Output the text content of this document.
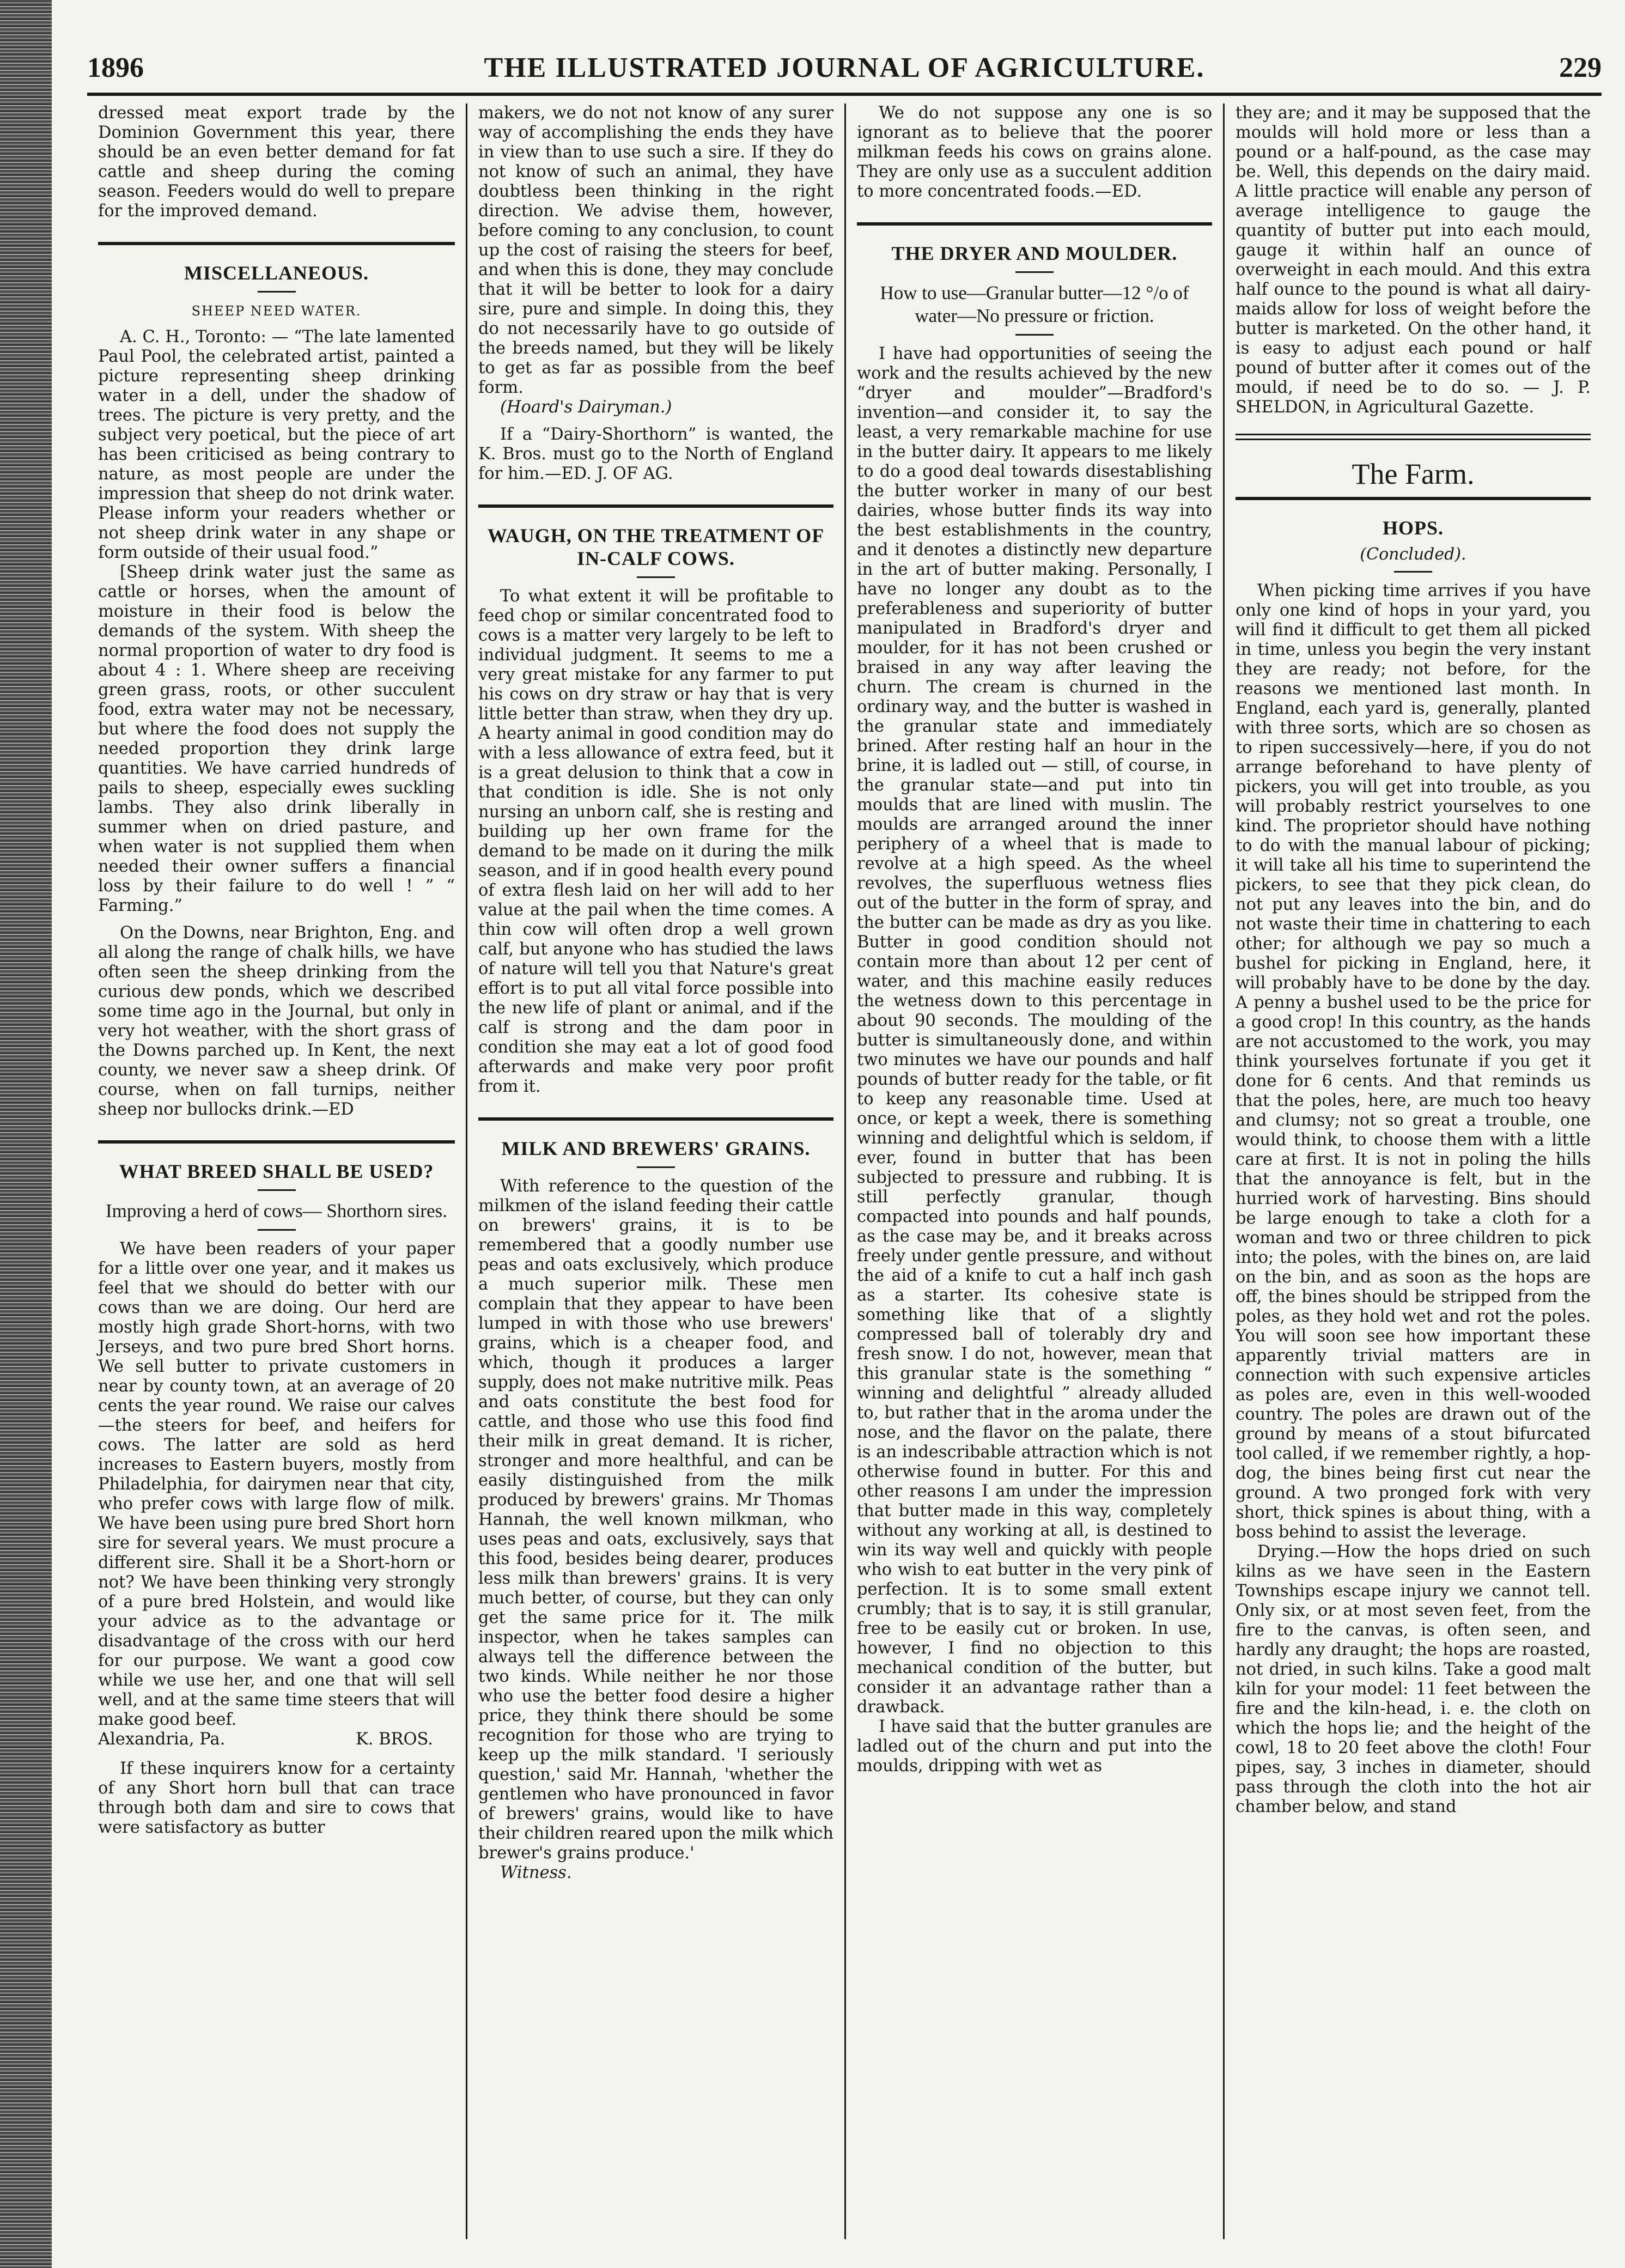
1896	THE ILLUSTRATED JOURNAL OF AGRICULTURE.	229

dressed meat export trade by the Dominion Government this year, there should be an even better demand for fat cattle and sheep during the coming season. Feeders would do well to prepare for the improved demand.

MISCELLANEOUS.
SHEEP NEED WATER.

A. C. H., Toronto: — “The late lamented Paul Pool, the celebrated artist, painted a picture representing sheep drinking water in a dell, under the shadow of trees. The picture is very pretty, and the subject very poetical, but the piece of art has been criticised as being contrary to nature, as most people are under the impression that sheep do not drink water. Please inform your readers whether or not sheep drink water in any shape or form outside of their usual food.”

[Sheep drink water just the same as cattle or horses, when the amount of moisture in their food is below the demands of the system. With sheep the normal proportion of water to dry food is about 4 : 1. Where sheep are receiving green grass, roots, or other succulent food, extra water may not be necessary, but where the food does not supply the needed proportion they drink large quantities. We have carried hundreds of pails to sheep, especially ewes suckling lambs. They also drink liberally in summer when on dried pasture, and when water is not supplied them when needed their owner suffers a financial loss by their failure to do well ! ” “ Farming.”

On the Downs, near Brighton, Eng. and all along the range of chalk hills, we have often seen the sheep drinking from the curious dew ponds, which we described some time ago in the Journal, but only in very hot weather, with the short grass of the Downs parched up. In Kent, the next county, we never saw a sheep drink. Of course, when on fall turnips, neither sheep nor bullocks drink.—ED

WHAT BREED SHALL BE USED?
Improving a herd of cows— Shorthorn sires.

We have been readers of your paper for a little over one year, and it makes us feel that we should do better with our cows than we are doing. Our herd are mostly high grade Short-horns, with two Jerseys, and two pure bred Short horns. We sell butter to private customers in near by county town, at an average of 20 cents the year round. We raise our calves—the steers for beef, and heifers for cows. The latter are sold as herd increases to Eastern buyers, mostly from Philadelphia, for dairymen near that city, who prefer cows with large flow of milk. We have been using pure bred Short horn sire for several years. We must procure a different sire. Shall it be a Short-horn or not? We have been thinking very strongly of a pure bred Holstein, and would like your advice as to the advantage or disadvantage of the cross with our herd for our purpose. We want a good cow while we use her, and one that will sell well, and at the same time steers that will make good beef.

Alexandria, Pa.	K. BROS.

If these inquirers know for a certainty of any Short horn bull that can trace through both dam and sire to cows that were satisfactory as butter

makers, we do not not know of any surer way of accomplishing the ends they have in view than to use such a sire. If they do not know of such an animal, they have doubtless been thinking in the right direction. We advise them, however, before coming to any conclusion, to count up the cost of raising the steers for beef, and when this is done, they may conclude that it will be better to look for a dairy sire, pure and simple. In doing this, they do not necessarily have to go outside of the breeds named, but they will be likely to get as far as possible from the beef form.

(Hoard's Dairyman.)

If a “Dairy-Shorthorn” is wanted, the K. Bros. must go to the North of England for him.—ED. J. OF AG.

WAUGH, ON THE TREATMENT OF IN-CALF COWS.

To what extent it will be profitable to feed chop or similar concentrated food to cows is a matter very largely to be left to individual judgment. It seems to me a very great mistake for any farmer to put his cows on dry straw or hay that is very little better than straw, when they dry up. A hearty animal in good condition may do with a less allowance of extra feed, but it is a great delusion to think that a cow in that condition is idle. She is not only nursing an unborn calf, she is resting and building up her own frame for the demand to be made on it during the milk season, and if in good health every pound of extra flesh laid on her will add to her value at the pail when the time comes. A thin cow will often drop a well grown calf, but anyone who has studied the laws of nature will tell you that Nature's great effort is to put all vital force possible into the new life of plant or animal, and if the calf is strong and the dam poor in condition she may eat a lot of good food afterwards and make very poor profit from it.

MILK AND BREWERS' GRAINS.

With reference to the question of the milkmen of the island feeding their cattle on brewers' grains, it is to be remembered that a goodly number use peas and oats exclusively, which produce a much superior milk. These men complain that they appear to have been lumped in with those who use brewers' grains, which is a cheaper food, and which, though it produces a larger supply, does not make nutritive milk. Peas and oats constitute the best food for cattle, and those who use this food find their milk in great demand. It is richer, stronger and more healthful, and can be easily distinguished from the milk produced by brewers' grains. Mr Thomas Hannah, the well known milkman, who uses peas and oats, exclusively, says that this food, besides being dearer, produces less milk than brewers' grains. It is very much better, of course, but they can only get the same price for it. The milk inspector, when he takes samples can always tell the difference between the two kinds. While neither he nor those who use the better food desire a higher price, they think there should be some recognition for those who are trying to keep up the milk standard. 'I seriously question,' said Mr. Hannah, 'whether the gentlemen who have pronounced in favor of brewers' grains, would like to have their children reared upon the milk which brewer's grains produce.'

Witness.

We do not suppose any one is so ignorant as to believe that the poorer milkman feeds his cows on grains alone. They are only use as a succulent addition to more concentrated foods.—ED.

THE DRYER AND MOULDER.
How to use—Granular butter—12 °/o of water—No pressure or friction.

I have had opportunities of seeing the work and the results achieved by the new “dryer and moulder”—Bradford's invention—and consider it, to say the least, a very remarkable machine for use in the butter dairy. It appears to me likely to do a good deal towards disestablishing the butter worker in many of our best dairies, whose butter finds its way into the best establishments in the country, and it denotes a distinctly new departure in the art of butter making. Personally, I have no longer any doubt as to the preferableness and superiority of butter manipulated in Bradford's dryer and moulder, for it has not been crushed or braised in any way after leaving the churn. The cream is churned in the ordinary way, and the butter is washed in the granular state and immediately brined. After resting half an hour in the brine, it is ladled out — still, of course, in the granular state—and put into tin moulds that are lined with muslin. The moulds are arranged around the inner periphery of a wheel that is made to revolve at a high speed. As the wheel revolves, the superfluous wetness flies out of the butter in the form of spray, and the butter can be made as dry as you like. Butter in good condition should not contain more than about 12 per cent of water, and this machine easily reduces the wetness down to this percentage in about 90 seconds. The moulding of the butter is simultaneously done, and within two minutes we have our pounds and half pounds of butter ready for the table, or fit to keep any reasonable time. Used at once, or kept a week, there is something winning and delightful which is seldom, if ever, found in butter that has been subjected to pressure and rubbing. It is still perfectly granular, though compacted into pounds and half pounds, as the case may be, and it breaks across freely under gentle pressure, and without the aid of a knife to cut a half inch gash as a starter. Its cohesive state is something like that of a slightly compressed ball of tolerably dry and fresh snow. I do not, however, mean that this granular state is the something “ winning and delightful ” already alluded to, but rather that in the aroma under the nose, and the flavor on the palate, there is an indescribable attraction which is not otherwise found in butter. For this and other reasons I am under the impression that butter made in this way, completely without any working at all, is destined to win its way well and quickly with people who wish to eat butter in the very pink of perfection. It is to some small extent crumbly; that is to say, it is still granular, free to be easily cut or broken. In use, however, I find no objection to this mechanical condition of the butter, but consider it an advantage rather than a drawback.

I have said that the butter granules are ladled out of the churn and put into the moulds, dripping with wet as

they are; and it may be supposed that the moulds will hold more or less than a pound or a half-pound, as the case may be. Well, this depends on the dairy maid. A little practice will enable any person of average intelligence to gauge the quantity of butter put into each mould, gauge it within half an ounce of overweight in each mould. And this extra half ounce to the pound is what all dairy-maids allow for loss of weight before the butter is marketed. On the other hand, it is easy to adjust each pound or half pound of butter after it comes out of the mould, if need be to do so. — J. P. SHELDON, in Agricultural Gazette.

The Farm.
HOPS.
(Concluded).

When picking time arrives if you have only one kind of hops in your yard, you will find it difficult to get them all picked in time, unless you begin the very instant they are ready; not before, for the reasons we mentioned last month. In England, each yard is, generally, planted with three sorts, which are so chosen as to ripen successively—here, if you do not arrange beforehand to have plenty of pickers, you will get into trouble, as you will probably restrict yourselves to one kind. The proprietor should have nothing to do with the manual labour of picking; it will take all his time to superintend the pickers, to see that they pick clean, do not put any leaves into the bin, and do not waste their time in chattering to each other; for although we pay so much a bushel for picking in England, here, it will probably have to be done by the day. A penny a bushel used to be the price for a good crop! In this country, as the hands are not accustomed to the work, you may think yourselves fortunate if you get it done for 6 cents. And that reminds us that the poles, here, are much too heavy and clumsy; not so great a trouble, one would think, to choose them with a little care at first. It is not in poling the hills that the annoyance is felt, but in the hurried work of harvesting. Bins should be large enough to take a cloth for a woman and two or three children to pick into; the poles, with the bines on, are laid on the bin, and as soon as the hops are off, the bines should be stripped from the poles, as they hold wet and rot the poles. You will soon see how important these apparently trivial matters are in connection with such expensive articles as poles are, even in this well-wooded country. The poles are drawn out of the ground by means of a stout bifurcated tool called, if we remember rightly, a hop-dog, the bines being first cut near the ground. A two pronged fork with very short, thick spines is about thing, with a boss behind to assist the leverage.

Drying.—How the hops dried on such kilns as we have seen in the Eastern Townships escape injury we cannot tell. Only six, or at most seven feet, from the fire to the canvas, is often seen, and hardly any draught; the hops are roasted, not dried, in such kilns. Take a good malt kiln for your model: 11 feet between the fire and the kiln-head, i. e. the cloth on which the hops lie; and the height of the cowl, 18 to 20 feet above the cloth! Four pipes, say, 3 inches in diameter, should pass through the cloth into the hot air chamber below, and stand
